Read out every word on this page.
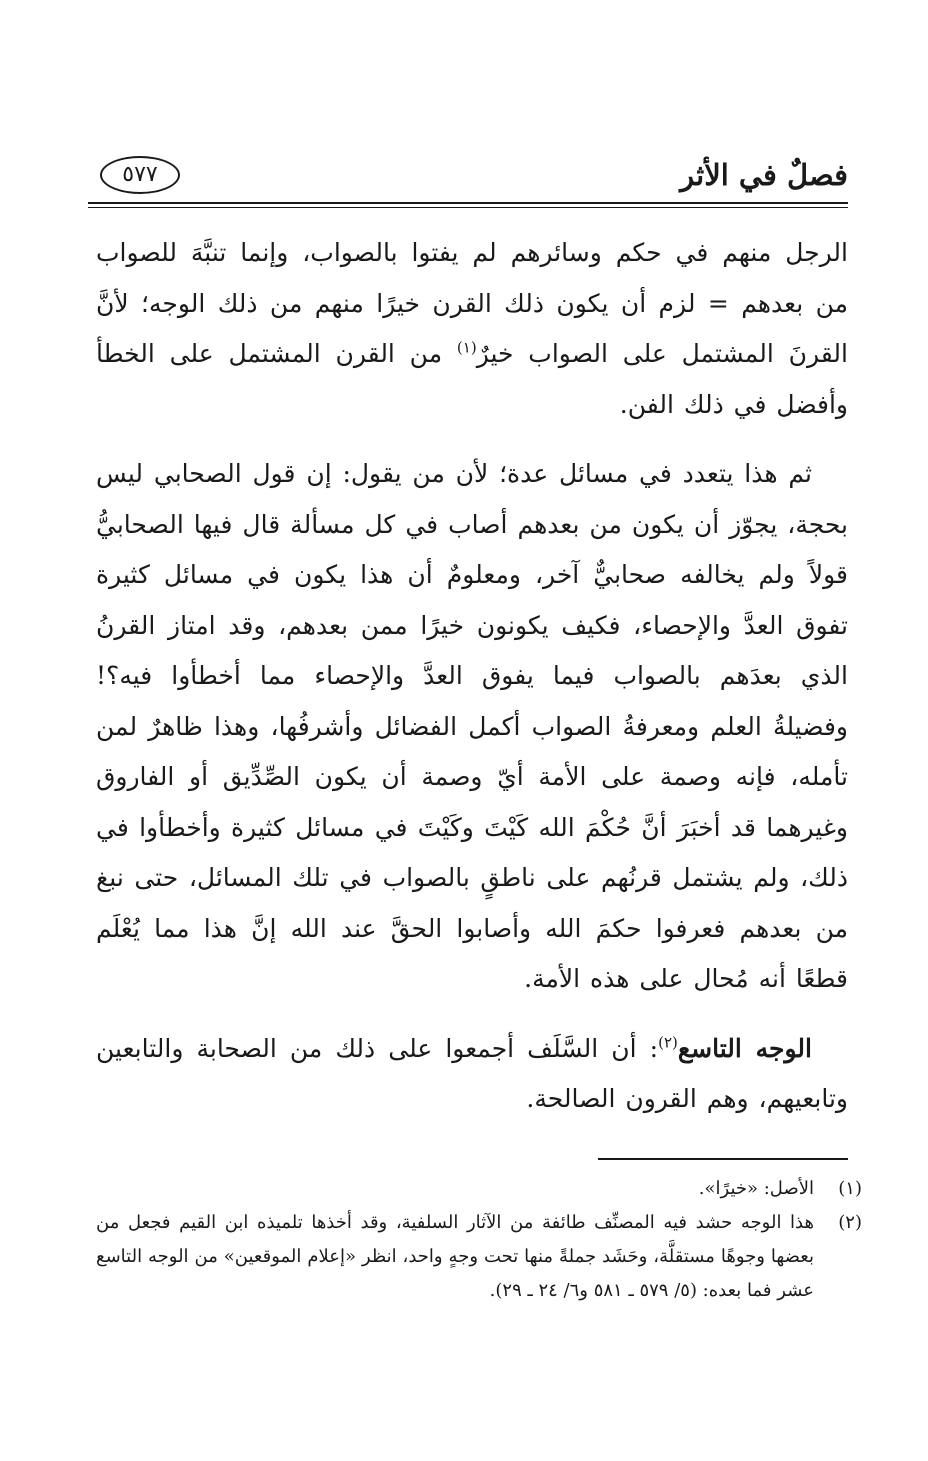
فصلٌ في الأثر
٥٧٧

الرجل منهم في حكم وسائرهم لم يفتوا بالصواب، وإنما تنبَّهَ للصواب من بعدهم = لزم أن يكون ذلك القرن خيرًا منهم من ذلك الوجه؛ لأنَّ القرنَ المشتمل على الصواب خيرٌ$^{(١)}$ من القرن المشتمل على الخطأ وأفضل في ذلك الفن.

ثم هذا يتعدد في مسائل عدة؛ لأن من يقول: إن قول الصحابي ليس بحجة، يجوّز أن يكون من بعدهم أصاب في كل مسألة قال فيها الصحابيُّ قولاً ولم يخالفه صحابيٌّ آخر، ومعلومٌ أن هذا يكون في مسائل كثيرة تفوق العدَّ والإحصاء، فكيف يكونون خيرًا ممن بعدهم، وقد امتاز القرنُ الذي بعدَهم بالصواب فيما يفوق العدَّ والإحصاء مما أخطأوا فيه؟! وفضيلةُ العلم ومعرفةُ الصواب أكمل الفضائل وأشرفُها، وهذا ظاهرٌ لمن تأمله، فإنه وصمة على الأمة أيّ وصمة أن يكون الصِّدِّيق أو الفاروق وغيرهما قد أخبَرَ أنَّ حُكْمَ الله كَيْتَ وكَيْتَ في مسائل كثيرة وأخطأوا في ذلك، ولم يشتمل قرنُهم على ناطقٍ بالصواب في تلك المسائل، حتى نبغ من بعدهم فعرفوا حكمَ الله وأصابوا الحقَّ عند الله إنَّ هذا مما يُعْلَم قطعًا أنه مُحال على هذه الأمة.

الوجه التاسع$^{(٢)}$: أن السَّلَف أجمعوا على ذلك من الصحابة والتابعين وتابعيهم، وهم القرون الصالحة.

(١)
الأصل: «خيرًا».

(٢)
هذا الوجه حشد فيه المصنِّف طائفة من الآثار السلفية، وقد أخذها تلميذه ابن القيم فجعل من بعضها وجوهًا مستقلَّة، وحَشَد جملةً منها تحت وجهٍ واحد، انظر «إعلام الموقعين» من الوجه التاسع عشر فما بعده: (٥/ ٥٧٩ ـ ٥٨١ و٦/ ٢٤ ـ ٢٩).
